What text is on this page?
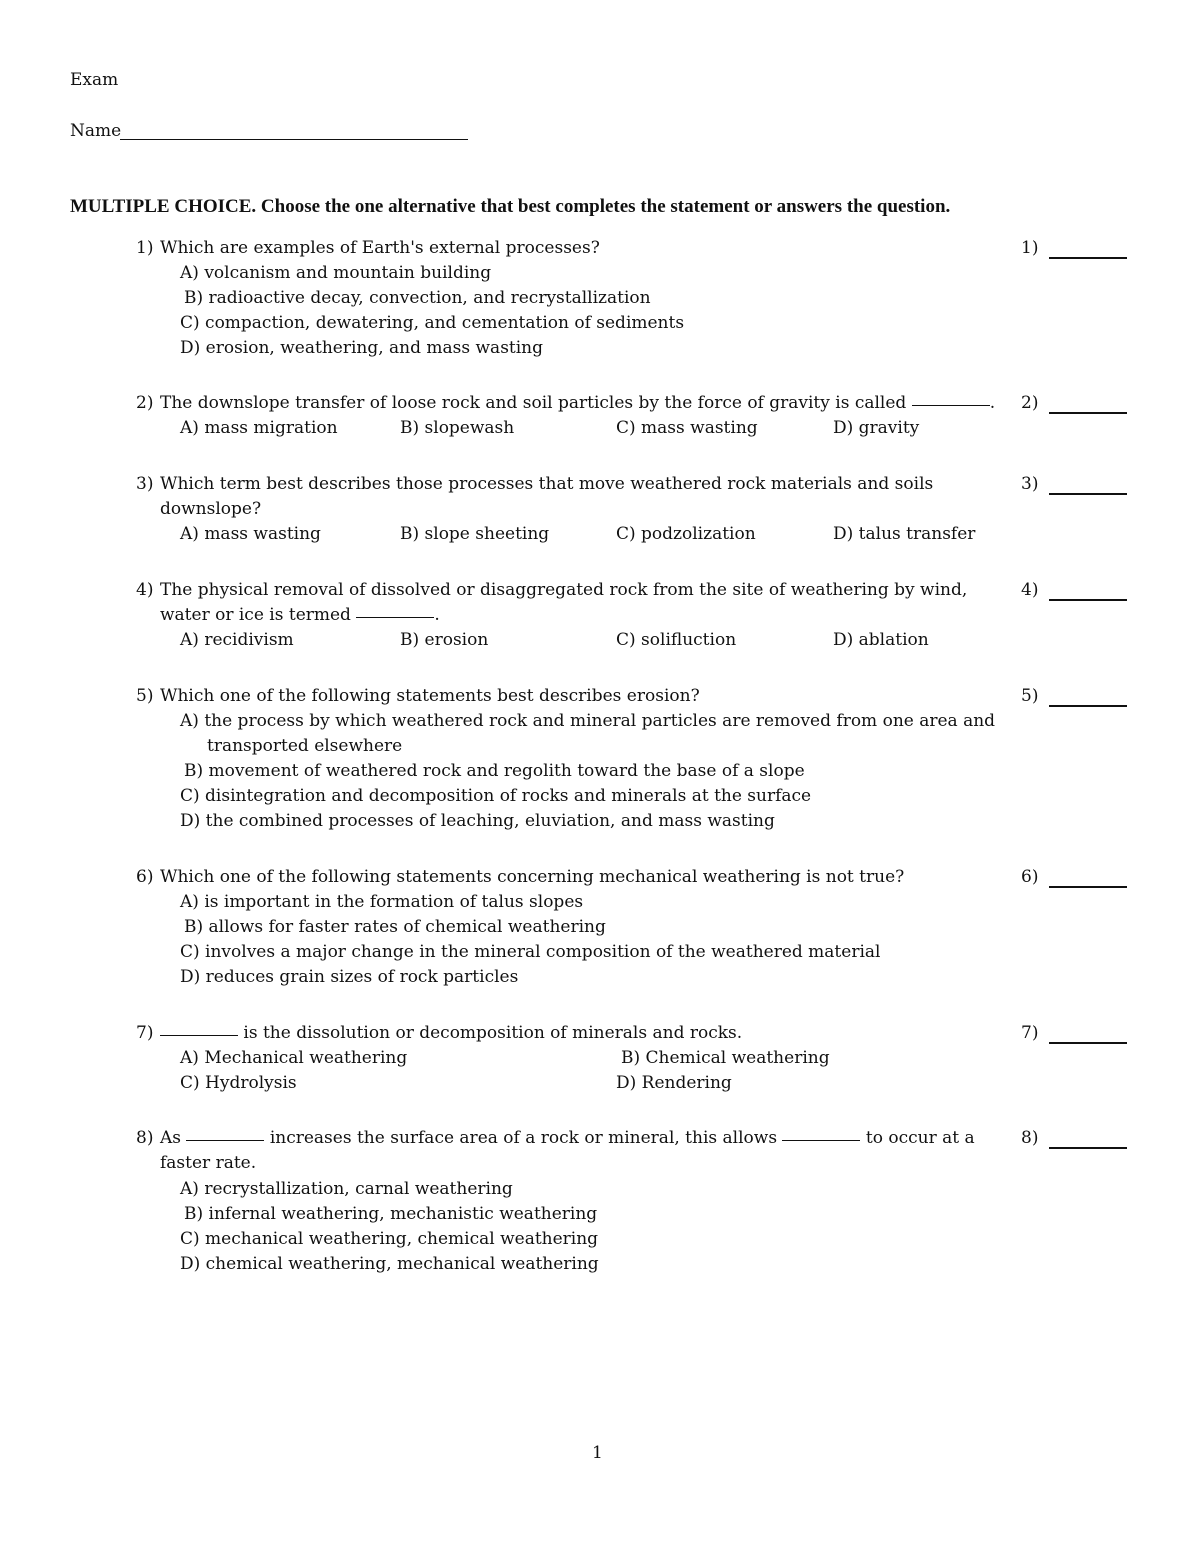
Exam
Name
MULTIPLE CHOICE. Choose the one alternative that best completes the statement or answers the question.
1) Which are examples of Earth's external processes?
A) volcanism and mountain building
B) radioactive decay, convection, and recrystallization
C) compaction, dewatering, and cementation of sediments
D) erosion, weathering, and mass wasting
1)
2) The downslope transfer of loose rock and soil particles by the force of gravity is called	.
A) mass migration	B) slopewash	C) mass wasting	D) gravity
2)
3) Which term best describes those processes that move weathered rock materials and soils
downslope?
A) mass wasting	B) slope sheeting	C) podzolization	D) talus transfer
3)
4) The physical removal of dissolved or disaggregated rock from the site of weathering by wind,
water or ice is termed	.
A) recidivism	B) erosion	C) solifluction	D) ablation
4)
5) Which one of the following statements best describes erosion?
A) the process by which weathered rock and mineral particles are removed from one area and
transported elsewhere
B) movement of weathered rock and regolith toward the base of a slope
C) disintegration and decomposition of rocks and minerals at the surface
D) the combined processes of leaching, eluviation, and mass wasting
5)
6) Which one of the following statements concerning mechanical weathering is not true?
A) is important in the formation of talus slopes
B) allows for faster rates of chemical weathering
C) involves a major change in the mineral composition of the weathered material
D) reduces grain sizes of rock particles
6)
7)	is the dissolution or decomposition of minerals and rocks.
A) Mechanical weathering	B) Chemical weathering
C) Hydrolysis	D) Rendering
7)
8) As	increases the surface area of a rock or mineral, this allows	to occur at a
faster rate.
A) recrystallization, carnal weathering
B) infernal weathering, mechanistic weathering
C) mechanical weathering, chemical weathering
D) chemical weathering, mechanical weathering
8)
1
